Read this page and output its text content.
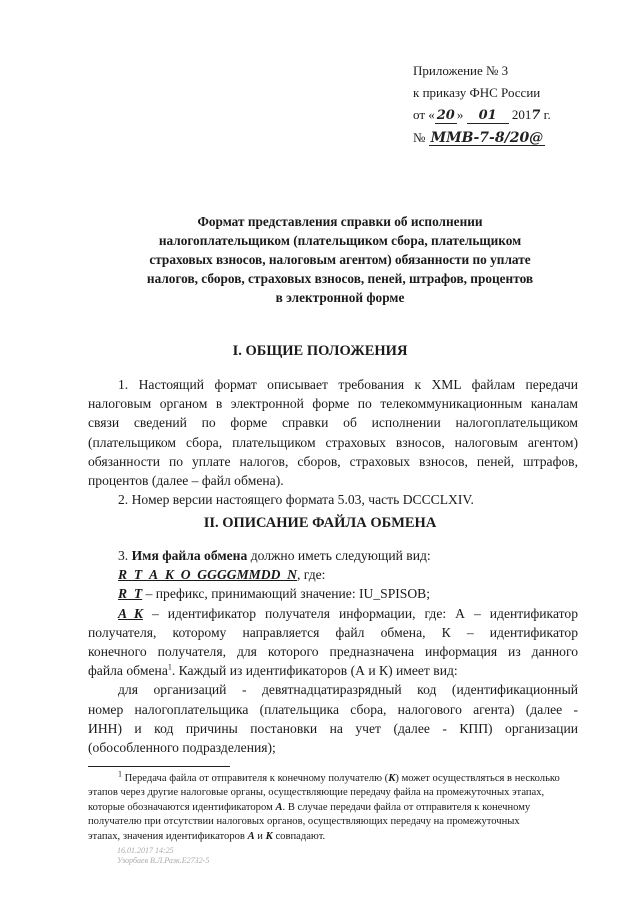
Приложение № 3
к приказу ФНС России
от « 20 » 01 2017 г.
№ ММВ-7-8/20@
Формат представления справки об исполнении
налогоплательщиком (плательщиком сбора, плательщиком
страховых взносов, налоговым агентом) обязанности по уплате
налогов, сборов, страховых взносов, пеней, штрафов, процентов
в электронной форме
I. ОБЩИЕ ПОЛОЖЕНИЯ
1. Настоящий формат описывает требования к XML файлам передачи
налоговым органом в электронной форме по телекоммуникационным каналам
связи сведений по форме справки об исполнении налогоплательщиком
(плательщиком сбора, плательщиком страховых взносов, налоговым агентом)
обязанности по уплате налогов, сборов, страховых взносов, пеней, штрафов,
процентов (далее – файл обмена).
2. Номер версии настоящего формата 5.03, часть DCCCLXIV.
II. ОПИСАНИЕ ФАЙЛА ОБМЕНА
3. Имя файла обмена должно иметь следующий вид:
R_T_A_K_O_GGGGMMDD_N, где:
R_T – префикс, принимающий значение: IU_SPISOB;
A_K – идентификатор получателя информации, где: А – идентификатор
получателя, которому направляется файл обмена, К – идентификатор
конечного получателя, для которого предназначена информация из данного
файла обмена$^1$. Каждый из идентификаторов (А и К) имеет вид:
для организаций - девятнадцатиразрядный код (идентификационный
номер налогоплательщика (плательщика сбора, налогового агента) (далее -
ИНН) и код причины постановки на учет (далее - КПП) организации
(обособленного подразделения);
$^1$ Передача файла от отправителя к конечному получателю (К) может осуществляться в несколько
этапов через другие налоговые органы, осуществляющие передачу файла на промежуточных этапах,
которые обозначаются идентификатором А. В случае передачи файла от отправителя к конечному
получателю при отсутствии налоговых органов, осуществляющих передачу на промежуточных
этапах, значения идентификаторов А и К совпадают.
16.01.2017 14:25
Узорбаев В.Л.Разк.Е2732-5
